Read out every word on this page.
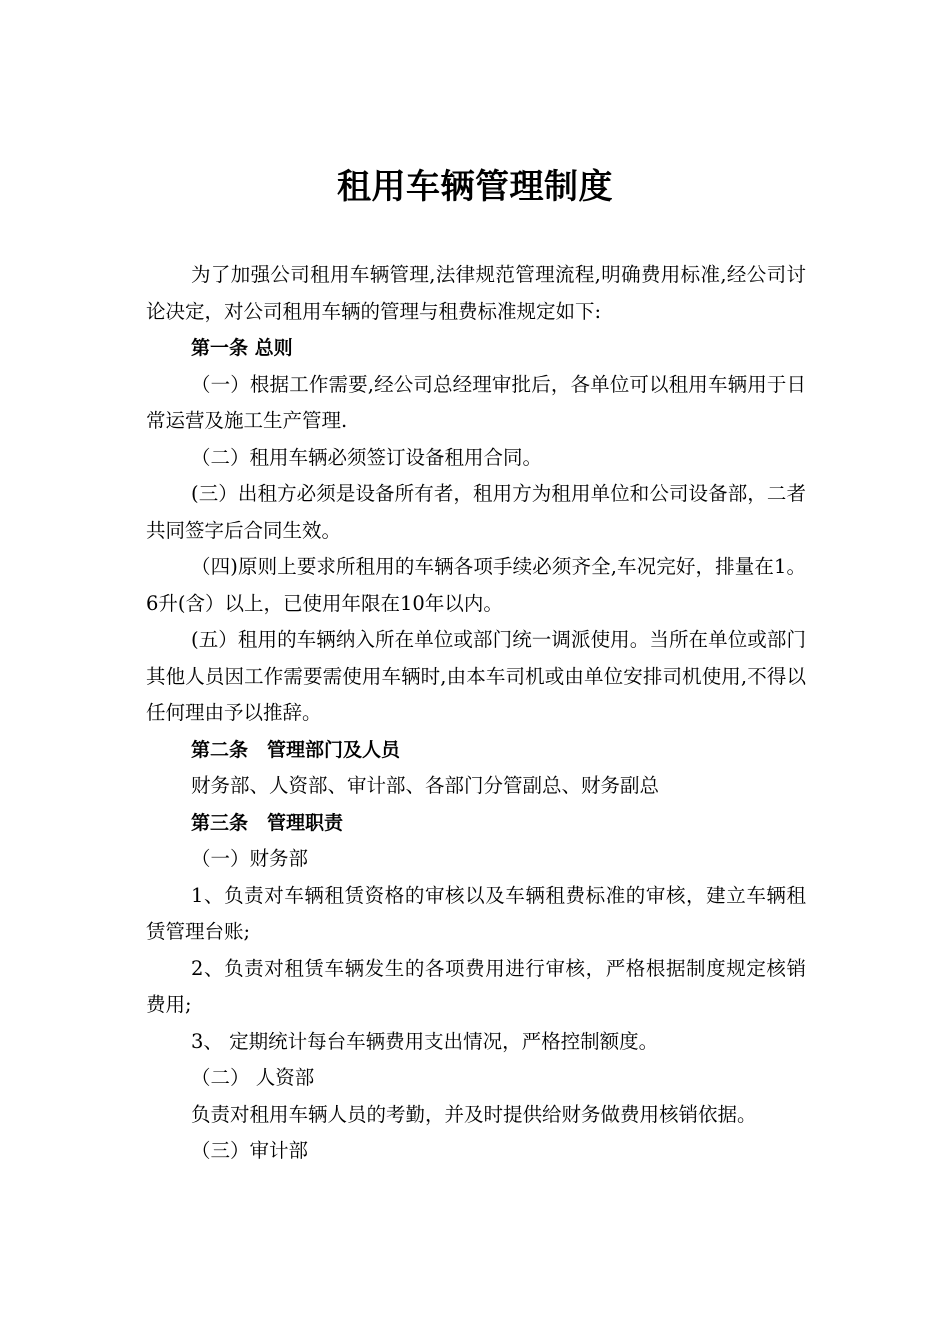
租用车辆管理制度

为了加强公司租用车辆管理,法律规范管理流程,明确费用标准,经公司讨论决定，对公司租用车辆的管理与租费标准规定如下:

第一条 总则

（一）根据工作需要,经公司总经理审批后，各单位可以租用车辆用于日常运营及施工生产管理.

（二）租用车辆必须签订设备租用合同。

(三）出租方必须是设备所有者，租用方为租用单位和公司设备部，二者共同签字后合同生效。

（四)原则上要求所租用的车辆各项手续必须齐全,车况完好，排量在1。6升(含）以上，已使用年限在10年以内。

(五）租用的车辆纳入所在单位或部门统一调派使用。当所在单位或部门其他人员因工作需要需使用车辆时,由本车司机或由单位安排司机使用,不得以任何理由予以推辞。

第二条　管理部门及人员

财务部、人资部、审计部、各部门分管副总、财务副总

第三条　管理职责

（一）财务部

1、负责对车辆租赁资格的审核以及车辆租费标准的审核，建立车辆租赁管理台账;

2、负责对租赁车辆发生的各项费用进行审核，严格根据制度规定核销费用;

3、 定期统计每台车辆费用支出情况，严格控制额度。

（二） 人资部

负责对租用车辆人员的考勤，并及时提供给财务做费用核销依据。

（三）审计部
